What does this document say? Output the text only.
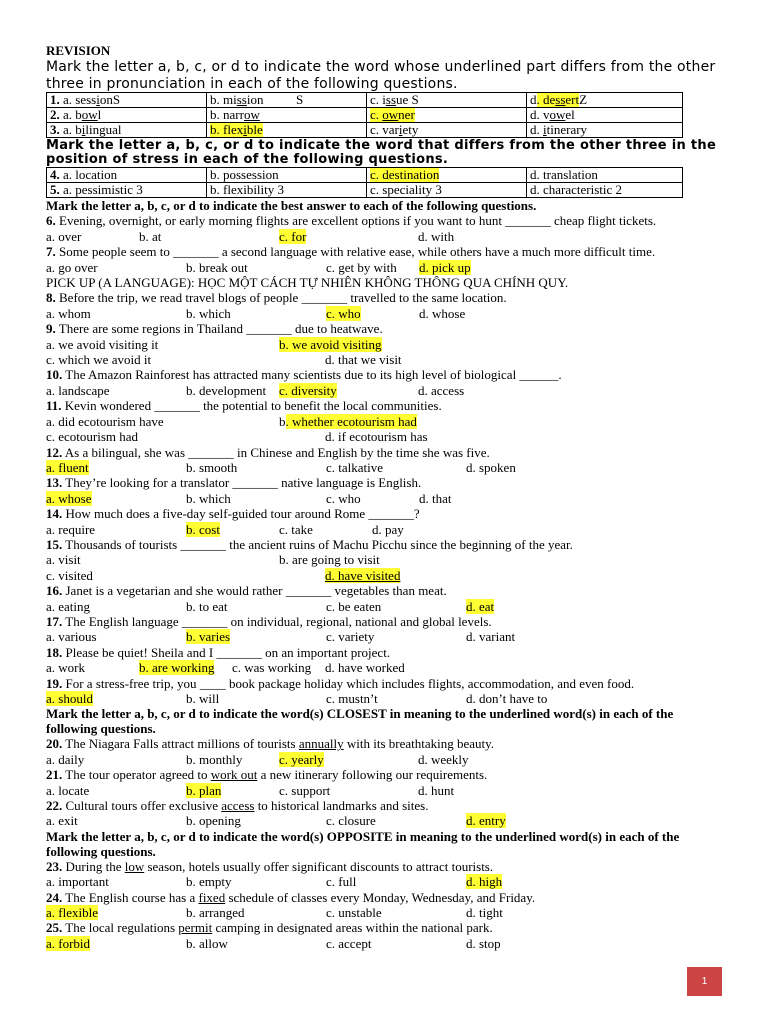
REVISION
Mark the letter a, b, c, or d to indicate the word whose underlined part differs from the other three in pronunciation in each of the following questions.
1. a. sessionS	b. mission          S	c. issue S	d. dessertZ
2. a. bowl	b. narrow	c. owner	d. vowel
3. a. bilingual	b. flexible	c. variety	d. itinerary
Mark the letter a, b, c, or d to indicate the word that differs from the other three in the position of stress in each of the following questions.
4. a. location	b. possession	c. destination	d. translation
5. a. pessimistic 3	b. flexibility 3	c. speciality 3	d. characteristic 2
Mark the letter a, b, c, or d to indicate the best answer to each of the following questions.
6. Evening, overnight, or early morning flights are excellent options if you want to hunt _______ cheap flight tickets.
a. over	b. at	c. for	d. with
7. Some people seem to _______ a second language with relative ease, while others have a much more difficult time.
a. go over	b. break out	c. get by with	d. pick up
PICK UP (A LANGUAGE): HỌC MỘT CÁCH TỰ NHIÊN KHÔNG THÔNG QUA CHÍNH QUY.
8. Before the trip, we read travel blogs of people _______ travelled to the same location.
a. whom	b. which	c. who	d. whose
9. There are some regions in Thailand _______ due to heatwave.
a. we avoid visiting it	b. we avoid visiting
c. which we avoid it	d. that we visit
10. The Amazon Rainforest has attracted many scientists due to its high level of biological ______.
a. landscape	b. development c. diversity	d. access
11. Kevin wondered _______ the potential to benefit the local communities.
a. did ecotourism have	b. whether ecotourism had
c. ecotourism had	d. if ecotourism has
12. As a bilingual, she was _______ in Chinese and English by the time she was five.
a. fluent	b. smooth	c. talkative	d. spoken
13. They’re looking for a translator _______ native language is English.
a. whose	b. which	c. who	d. that
14. How much does a five-day self-guided tour around Rome _______?
a. require	b. cost	c. take	d. pay
15. Thousands of tourists _______ the ancient ruins of Machu Picchu since the beginning of the year.
a. visit	b. are going to visit
c. visited	d. have visited
16. Janet is a vegetarian and she would rather _______ vegetables than meat.
a. eating	b. to eat	c. be eaten	d. eat
17. The English language _______ on individual, regional, national and global levels.
a. various	b. varies	c. variety	d. variant
18. Please be quiet! Sheila and I _______ on an important project.
a. work	b. are working	c. was working	d. have worked
19. For a stress-free trip, you ____ book package holiday which includes flights, accommodation, and even food.
a. should	b. will	c. mustn’t	d. don’t have to
Mark the letter a, b, c, or d to indicate the word(s) CLOSEST in meaning to the underlined word(s) in each of the following questions.
20. The Niagara Falls attract millions of tourists annually with its breathtaking beauty.
a. daily	b. monthly	c. yearly	d. weekly
21. The tour operator agreed to work out a new itinerary following our requirements.
a. locate	b. plan	c. support	d. hunt
22. Cultural tours offer exclusive access to historical landmarks and sites.
a. exit	b. opening	c. closure	d. entry
Mark the letter a, b, c, or d to indicate the word(s) OPPOSITE in meaning to the underlined word(s) in each of the following questions.
23. During the low season, hotels usually offer significant discounts to attract tourists.
a. important	b. empty	c. full	d. high
24. The English course has a fixed schedule of classes every Monday, Wednesday, and Friday.
a. flexible	b. arranged	c. unstable	d. tight
25. The local regulations permit camping in designated areas within the national park.
a. forbid	b. allow	c. accept	d. stop
1
